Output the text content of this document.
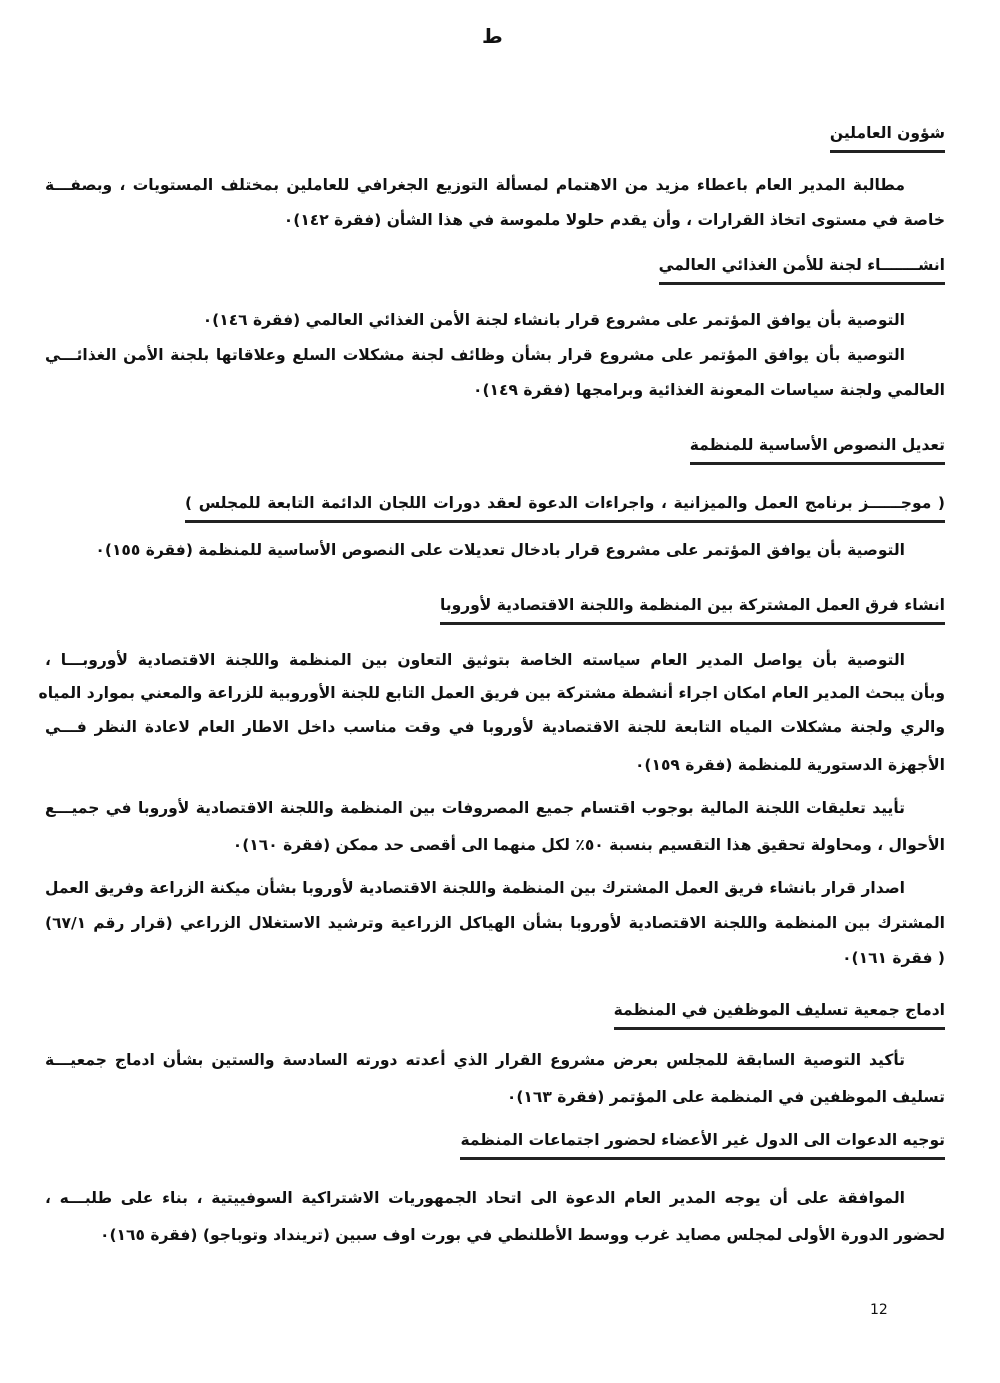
ط
شؤون العاملين
مطالبة المدير العام باعطاء مزيد من الاهتمام لمسألة التوزيع الجغرافي للعاملين بمختلف المستويات ، وبصفـــة
خاصة في مستوى اتخاذ القرارات ، وأن يقدم حلولا ملموسة في هذا الشأن (فقرة ١٤٢)٠
انشـــــــاء لجنة للأمن الغذائي العالمي
التوصية بأن يوافق المؤتمر على مشروع قرار بانشاء لجنة الأمن الغذائي العالمي (فقرة ١٤٦)٠
التوصية بأن يوافق المؤتمر على مشروع قرار بشأن وظائف لجنة مشكلات السلع وعلاقاتها بلجنة الأمن الغذائـــي
العالمي ولجنة سياسات المعونة الغذائية وبرامجها (فقرة ١٤٩)٠
تعديل النصوص الأساسية للمنظمة
( موجــــــز برنامج العمل والميزانية ، واجراءات الدعوة لعقد دورات اللجان الدائمة التابعة للمجلس )
التوصية بأن يوافق المؤتمر على مشروع قرار بادخال تعديلات على النصوص الأساسية للمنظمة (فقرة ١٥٥)٠
انشاء فرق العمل المشتركة بين المنظمة واللجنة الاقتصادية لأوروبا
التوصية بأن يواصل المدير العام سياسته الخاصة بتوثيق التعاون بين المنظمة واللجنة الاقتصادية لأوروبـــا ،
وبأن يبحث المدير العام امكان اجراء أنشطة مشتركة بين فريق العمل التابع للجنة الأوروبية للزراعة والمعني بموارد المياه
والري ولجنة مشكلات المياه التابعة للجنة الاقتصادية لأوروبا في وقت مناسب داخل الاطار العام لاعادة النظر فـــي
الأجهزة الدستورية للمنظمة (فقرة ١٥٩)٠
تأييد تعليقات اللجنة المالية بوجوب اقتسام جميع المصروفات بين المنظمة واللجنة الاقتصادية لأوروبا في جميـــع
الأحوال ، ومحاولة تحقيق هذا التقسيم بنسبة ٥٠٪ لكل منهما الى أقصى حد ممكن (فقرة ١٦٠)٠
اصدار قرار بانشاء فريق العمل المشترك بين المنظمة واللجنة الاقتصادية لأوروبا بشأن ميكنة الزراعة وفريق العمل
المشترك بين المنظمة واللجنة الاقتصادية لأوروبا بشأن الهياكل الزراعية وترشيد الاستغلال الزراعي (قرار رقم ٦٧/١)
( فقرة ١٦١)٠
ادماج جمعية تسليف الموظفين في المنظمة
تأكيد التوصية السابقة للمجلس بعرض مشروع القرار الذي أعدته دورته السادسة والستين بشأن ادماج جمعيـــة
تسليف الموظفين في المنظمة على المؤتمر (فقرة ١٦٣)٠
توجيه الدعوات الى الدول غير الأعضاء لحضور اجتماعات المنظمة
الموافقة على أن يوجه المدير العام الدعوة الى اتحاد الجمهوريات الاشتراكية السوفييتية ، بناء على طلبـــه ،
لحضور الدورة الأولى لمجلس مصايد غرب ووسط الأطلنطي في بورت اوف سبين (ترينداد وتوباجو) (فقرة ١٦٥)٠
12
